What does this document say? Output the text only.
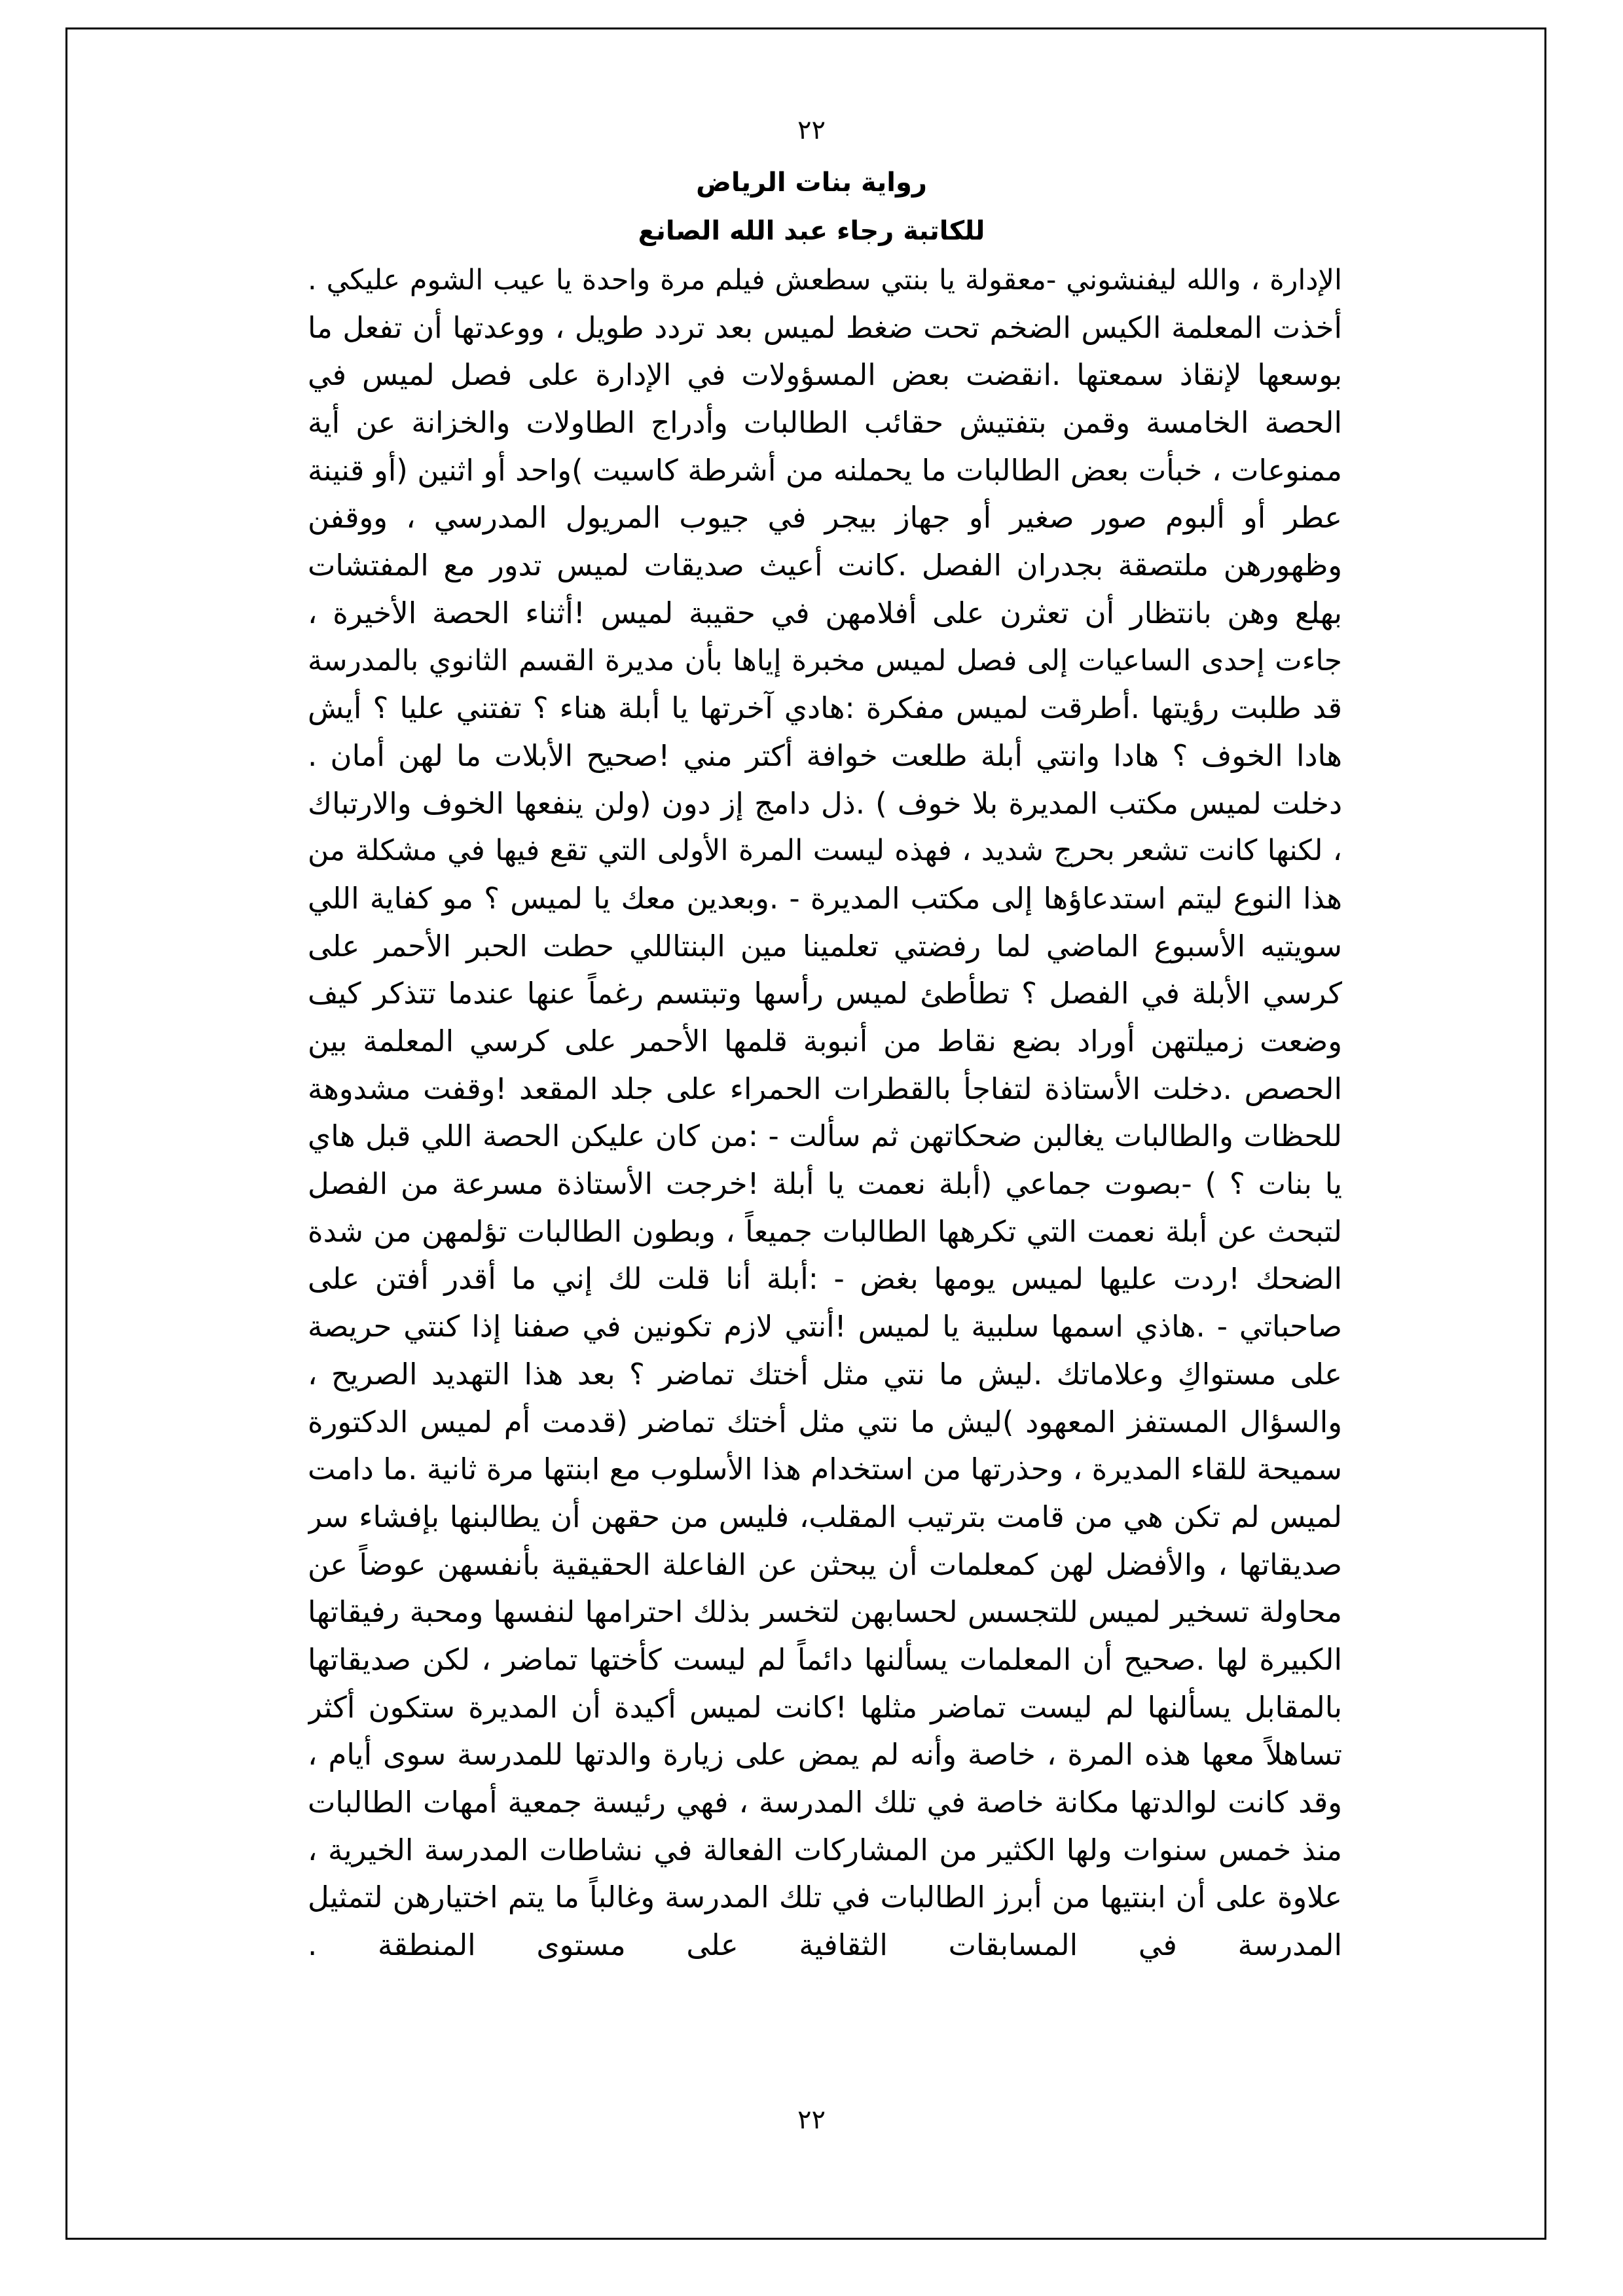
٢٢
رواية بنات الرياض
للكاتبة رجاء عبد الله الصانع
الإدارة ، والله ليفنشوني -معقولة يا بنتي سطعش فيلم مرة واحدة يا عيب الشوم عليكي .
أخذت المعلمة الكيس الضخم تحت ضغط لميس بعد تردد طويل ، ووعدتها أن تفعل ما
بوسعها لإنقاذ سمعتها .انقضت بعض المسؤولات في الإدارة على فصل لميس في
الحصة الخامسة وقمن بتفتيش حقائب الطالبات وأدراج الطاولات والخزانة عن أية
ممنوعات ، خبأت بعض الطالبات ما يحملنه من أشرطة كاسيت )واحد أو اثنين (أو قنينة
عطر أو ألبوم صور صغير أو جهاز بيجر في جيوب المريول المدرسي ، ووقفن
وظهورهن ملتصقة بجدران الفصل .كانت أعيث صديقات لميس تدور مع المفتشات
بهلع وهن بانتظار أن تعثرن على أفلامهن في حقيبة لميس !أثناء الحصة الأخيرة ،
جاءت إحدى الساعيات إلى فصل لميس مخبرة إياها بأن مديرة القسم الثانوي بالمدرسة
قد طلبت رؤيتها .أطرقت لميس مفكرة :هادي آخرتها يا أبلة هناء ؟ تفتني عليا ؟ أيش
هادا الخوف ؟ هادا وانتي أبلة طلعت خوافة أكتر مني !صحيح الأبلات ما لهن أمان .
دخلت لميس مكتب المديرة بلا خوف ) .ذل دامج إز دون (ولن ينفعها الخوف والارتباك
، لكنها كانت تشعر بحرج شديد ، فهذه ليست المرة الأولى التي تقع فيها في مشكلة من
هذا النوع ليتم استدعاؤها إلى مكتب المديرة - .وبعدين معك يا لميس ؟ مو كفاية اللي
سويتيه الأسبوع الماضي لما رفضتي تعلمينا مين البنتاللي حطت الحبر الأحمر على
كرسي الأبلة في الفصل ؟ تطأطئ لميس رأسها وتبتسم رغماً عنها عندما تتذكر كيف
وضعت زميلتهن أوراد بضع نقاط من أنبوبة قلمها الأحمر على كرسي المعلمة بين
الحصص .دخلت الأستاذة لتفاجأ بالقطرات الحمراء على جلد المقعد !وقفت مشدوهة
للحظات والطالبات يغالبن ضحكاتهن ثم سألت - :من كان عليكن الحصة اللي قبل هاي
يا بنات ؟ ) -بصوت جماعي (أبلة نعمت يا أبلة !خرجت الأستاذة مسرعة من الفصل
لتبحث عن أبلة نعمت التي تكرهها الطالبات جميعاً ، وبطون الطالبات تؤلمهن من شدة
الضحك !ردت عليها لميس يومها بغض - :أبلة أنا قلت لك إني ما أقدر أفتن على
صاحباتي - .هاذي اسمها سلبية يا لميس !أنتي لازم تكونين في صفنا إذا كنتي حريصة
على مستواكِ وعلاماتك .ليش ما نتي مثل أختك تماضر ؟ بعد هذا التهديد الصريح ،
والسؤال المستفز المعهود )ليش ما نتي مثل أختك تماضر (قدمت أم لميس الدكتورة
سميحة للقاء المديرة ، وحذرتها من استخدام هذا الأسلوب مع ابنتها مرة ثانية .ما دامت
لميس لم تكن هي من قامت بترتيب المقلب، فليس من حقهن أن يطالبنها بإفشاء سر
صديقاتها ، والأفضل لهن كمعلمات أن يبحثن عن الفاعلة الحقيقية بأنفسهن عوضاً عن
محاولة تسخير لميس للتجسس لحسابهن لتخسر بذلك احترامها لنفسها ومحبة رفيقاتها
الكبيرة لها .صحيح أن المعلمات يسألنها دائماً لم ليست كأختها تماضر ، لكن صديقاتها
بالمقابل يسألنها لم ليست تماضر مثلها !كانت لميس أكيدة أن المديرة ستكون أكثر
تساهلاً معها هذه المرة ، خاصة وأنه لم يمض على زيارة والدتها للمدرسة سوى أيام ،
وقد كانت لوالدتها مكانة خاصة في تلك المدرسة ، فهي رئيسة جمعية أمهات الطالبات
منذ خمس سنوات ولها الكثير من المشاركات الفعالة في نشاطات المدرسة الخيرية ،
علاوة على أن ابنتيها من أبرز الطالبات في تلك المدرسة وغالباً ما يتم اختيارهن لتمثيل
المدرسة في المسابقات الثقافية على مستوى المنطقة .
٢٢
